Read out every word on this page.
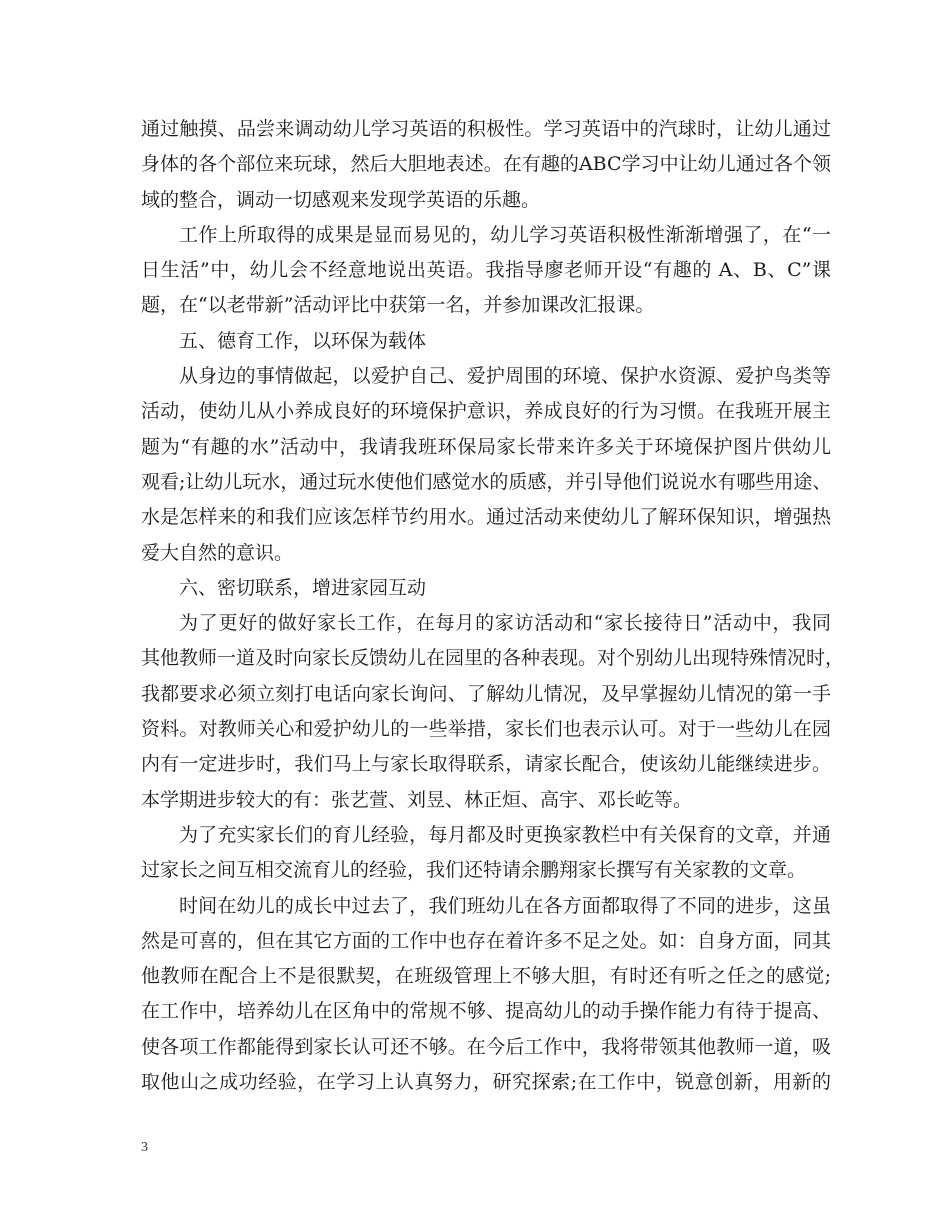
通过触摸、品尝来调动幼儿学习英语的积极性。学习英语中的汽球时，让幼儿通过
身体的各个部位来玩球，然后大胆地表述。在有趣的ABC学习中让幼儿通过各个领
域的整合，调动一切感观来发现学英语的乐趣。
工作上所取得的成果是显而易见的，幼儿学习英语积极性渐渐增强了，在“一
日生活”中，幼儿会不经意地说出英语。我指导廖老师开设“有趣的 A、B、C”课
题，在“以老带新”活动评比中获第一名，并参加课改汇报课。
五、德育工作，以环保为载体
从身边的事情做起，以爱护自己、爱护周围的环境、保护水资源、爱护鸟类等
活动，使幼儿从小养成良好的环境保护意识，养成良好的行为习惯。在我班开展主
题为“有趣的水”活动中，我请我班环保局家长带来许多关于环境保护图片供幼儿
观看;让幼儿玩水，通过玩水使他们感觉水的质感，并引导他们说说水有哪些用途、
水是怎样来的和我们应该怎样节约用水。通过活动来使幼儿了解环保知识，增强热
爱大自然的意识。
六、密切联系，增进家园互动
为了更好的做好家长工作，在每月的家访活动和“家长接待日”活动中，我同
其他教师一道及时向家长反馈幼儿在园里的各种表现。对个别幼儿出现特殊情况时，
我都要求必须立刻打电话向家长询问、了解幼儿情况，及早掌握幼儿情况的第一手
资料。对教师关心和爱护幼儿的一些举措，家长们也表示认可。对于一些幼儿在园
内有一定进步时，我们马上与家长取得联系，请家长配合，使该幼儿能继续进步。
本学期进步较大的有：张艺萱、刘昱、林正烜、高宇、邓长屹等。
为了充实家长们的育儿经验，每月都及时更换家教栏中有关保育的文章，并通
过家长之间互相交流育儿的经验，我们还特请余鹏翔家长撰写有关家教的文章。
时间在幼儿的成长中过去了，我们班幼儿在各方面都取得了不同的进步，这虽
然是可喜的，但在其它方面的工作中也存在着许多不足之处。如：自身方面，同其
他教师在配合上不是很默契，在班级管理上不够大胆，有时还有听之任之的感觉;
在工作中，培养幼儿在区角中的常规不够、提高幼儿的动手操作能力有待于提高、
使各项工作都能得到家长认可还不够。在今后工作中，我将带领其他教师一道，吸
取他山之成功经验，在学习上认真努力，研究探索;在工作中，锐意创新，用新的
3
